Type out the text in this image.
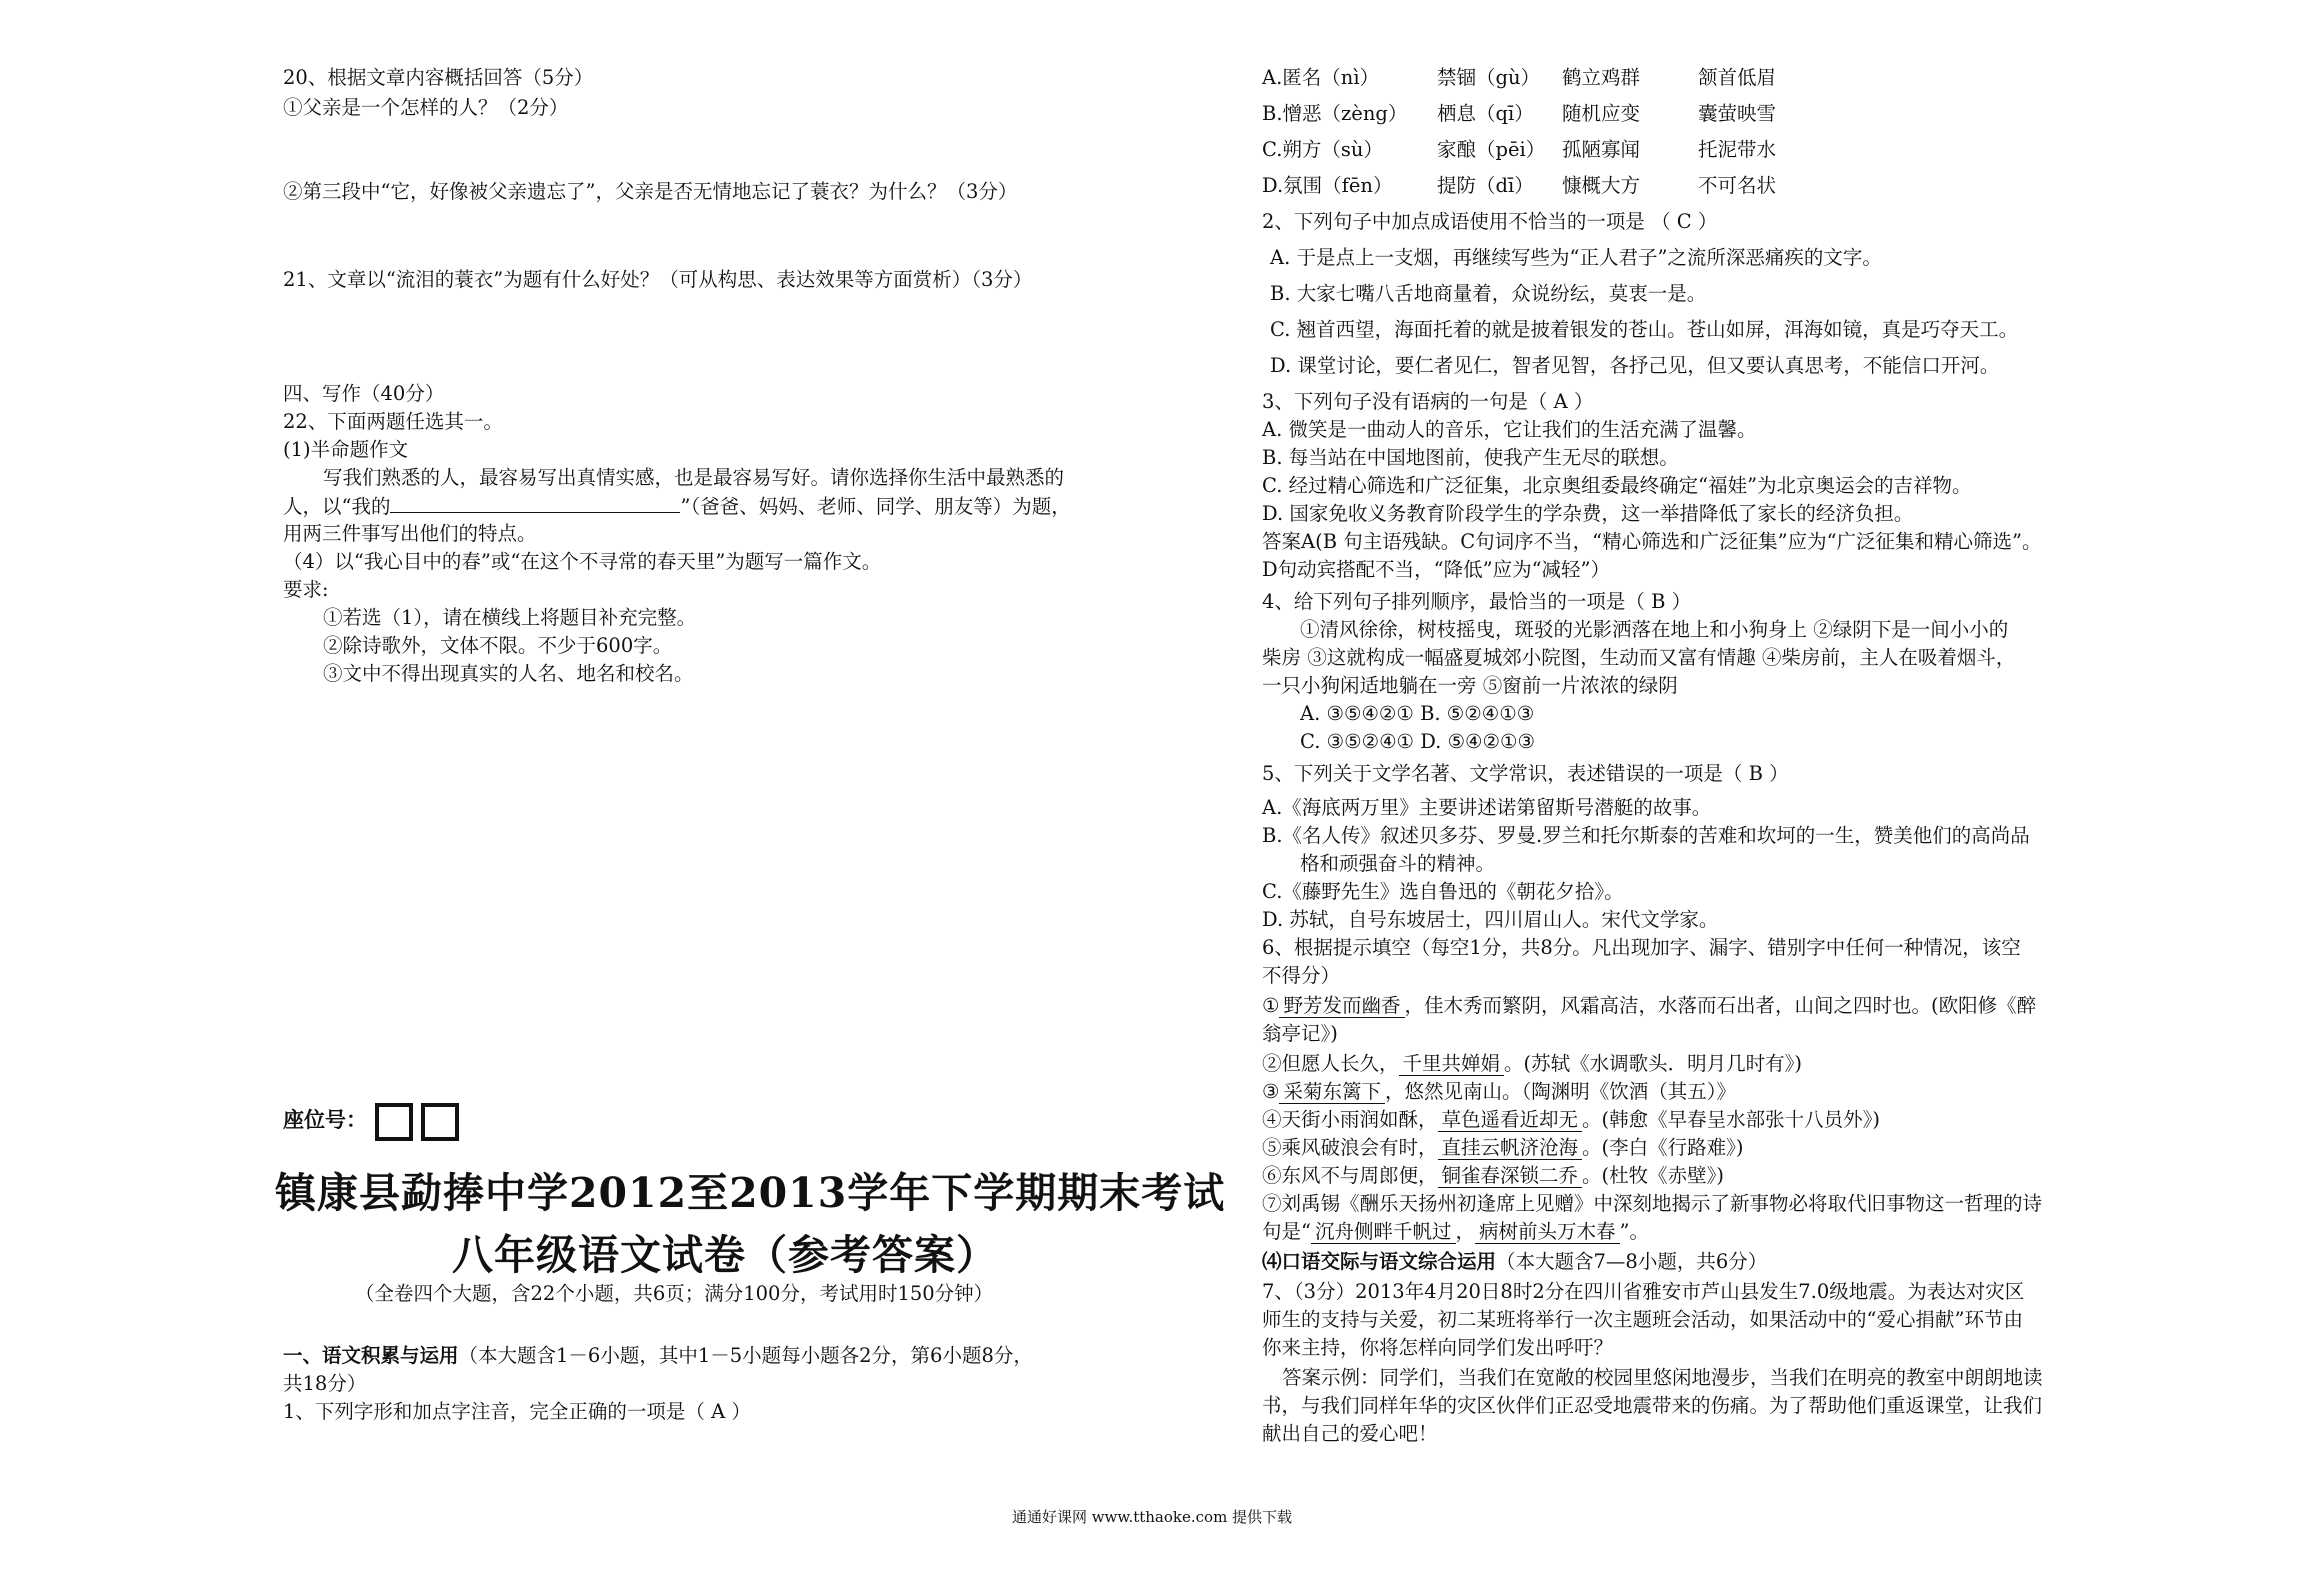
20、根据文章内容概括回答（5分）
①父亲是一个怎样的人？（2分）
②第三段中“它，好像被父亲遗忘了”，父亲是否无情地忘记了蓑衣？为什么？（3分）
21、文章以“流泪的蓑衣”为题有什么好处？（可从构思、表达效果等方面赏析）（3分）
四、写作（40分）
22、下面两题任选其一。
(1)半命题作文
写我们熟悉的人，最容易写出真情实感，也是最容易写好。请你选择你生活中最熟悉的
人，以“我的	”（爸爸、妈妈、老师、同学、朋友等）为题，
用两三件事写出他们的特点。
（4）以“我心目中的春”或“在这个不寻常的春天里”为题写一篇作文。
要求:
①若选（1），请在横线上将题目补充完整。
②除诗歌外，文体不限。不少于600字。
③文中不得出现真实的人名、地名和校名。
座位号：
镇康县勐捧中学2012至2013学年下学期期末考试
八年级语文试卷（参考答案）
（全卷四个大题，含22个小题，共6页；满分100分，考试用时150分钟）
一、语文积累与运用（本大题含1－6小题，其中1－5小题每小题各2分，第6小题8分，
共18分）
1、下列字形和加点字注音，完全正确的一项是（ A ）
A.匿名（nì）	禁锢（gù） 鹤立鸡群	颔首低眉
B.憎恶（zèng） 栖息（qī） 随机应变	囊萤映雪
C.朔方（sù）	家酿（pēi） 孤陋寡闻	托泥带水
D.氛围（fēn） 提防（dī） 慷概大方	不可名状
2、下列句子中加点成语使用不恰当的一项是 （ C ）
A. 于是点上一支烟，再继续写些为“正人君子”之流所深恶痛疾的文字。
B. 大家七嘴八舌地商量着，众说纷纭，莫衷一是。
C. 翘首西望，海面托着的就是披着银发的苍山。苍山如屏，洱海如镜，真是巧夺天工。
D. 课堂讨论，要仁者见仁，智者见智，各抒己见，但又要认真思考，不能信口开河。
3、下列句子没有语病的一句是（ A ）
A. 微笑是一曲动人的音乐，它让我们的生活充满了温馨。
B. 每当站在中国地图前，使我产生无尽的联想。
C. 经过精心筛选和广泛征集，北京奥组委最终确定“福娃”为北京奥运会的吉祥物。
D. 国家免收义务教育阶段学生的学杂费，这一举措降低了家长的经济负担。
答案A(B 句主语残缺。C句词序不当，“精心筛选和广泛征集”应为“广泛征集和精心筛选”。
D句动宾搭配不当，“降低”应为“减轻”）
4、给下列句子排列顺序，最恰当的一项是（ B ）
①清风徐徐，树枝摇曳，斑驳的光影洒落在地上和小狗身上 ②绿阴下是一间小小的
柴房 ③这就构成一幅盛夏城郊小院图，生动而又富有情趣 ④柴房前，主人在吸着烟斗，
一只小狗闲适地躺在一旁 ⑤窗前一片浓浓的绿阴
A. ③⑤④②① B. ⑤②④①③
C. ③⑤②④① D. ⑤④②①③
5、下列关于文学名著、文学常识，表述错误的一项是（ B ）
A.《海底两万里》主要讲述诺第留斯号潜艇的故事。
B.《名人传》叙述贝多芬、罗曼.罗兰和托尔斯泰的苦难和坎坷的一生，赞美他们的高尚品
格和顽强奋斗的精神。
C.《藤野先生》选自鲁迅的《朝花夕拾》。
D. 苏轼，自号东坡居士，四川眉山人。宋代文学家。
6、根据提示填空（每空1分，共8分。凡出现加字、漏字、错别字中任何一种情况，该空
不得分）
① 野芳发而幽香 ，佳木秀而繁阴，风霜高洁，水落而石出者，山间之四时也。(欧阳修《醉
翁亭记》)
②但愿人长久， 千里共婵娟 。(苏轼《水调歌头．明月几时有》)
③ 采菊东篱下 ，悠然见南山。（陶渊明《饮酒（其五）》
④天街小雨润如酥， 草色遥看近却无 。(韩愈《早春呈水部张十八员外》)
⑤乘风破浪会有时， 直挂云帆济沧海 。(李白《行路难》)
⑥东风不与周郎便， 铜雀春深锁二乔 。(杜牧《赤壁》)
⑦刘禹锡《酬乐天扬州初逢席上见赠》中深刻地揭示了新事物必将取代旧事物这一哲理的诗
句是“ 沉舟侧畔千帆过 ， 病树前头万木春 ”。
⑷口语交际与语文综合运用（本大题含7—8小题，共6分）
7、（3分）2013年4月20日8时2分在四川省雅安市芦山县发生7.0级地震。为表达对灾区
师生的支持与关爱，初二某班将举行一次主题班会活动，如果活动中的“爱心捐献”环节由
你来主持，你将怎样向同学们发出呼吁？
答案示例：同学们，当我们在宽敞的校园里悠闲地漫步，当我们在明亮的教室中朗朗地读
书，与我们同样年华的灾区伙伴们正忍受地震带来的伤痛。为了帮助他们重返课堂，让我们
献出自己的爱心吧！
通通好课网 www.tthaoke.com 提供下载
